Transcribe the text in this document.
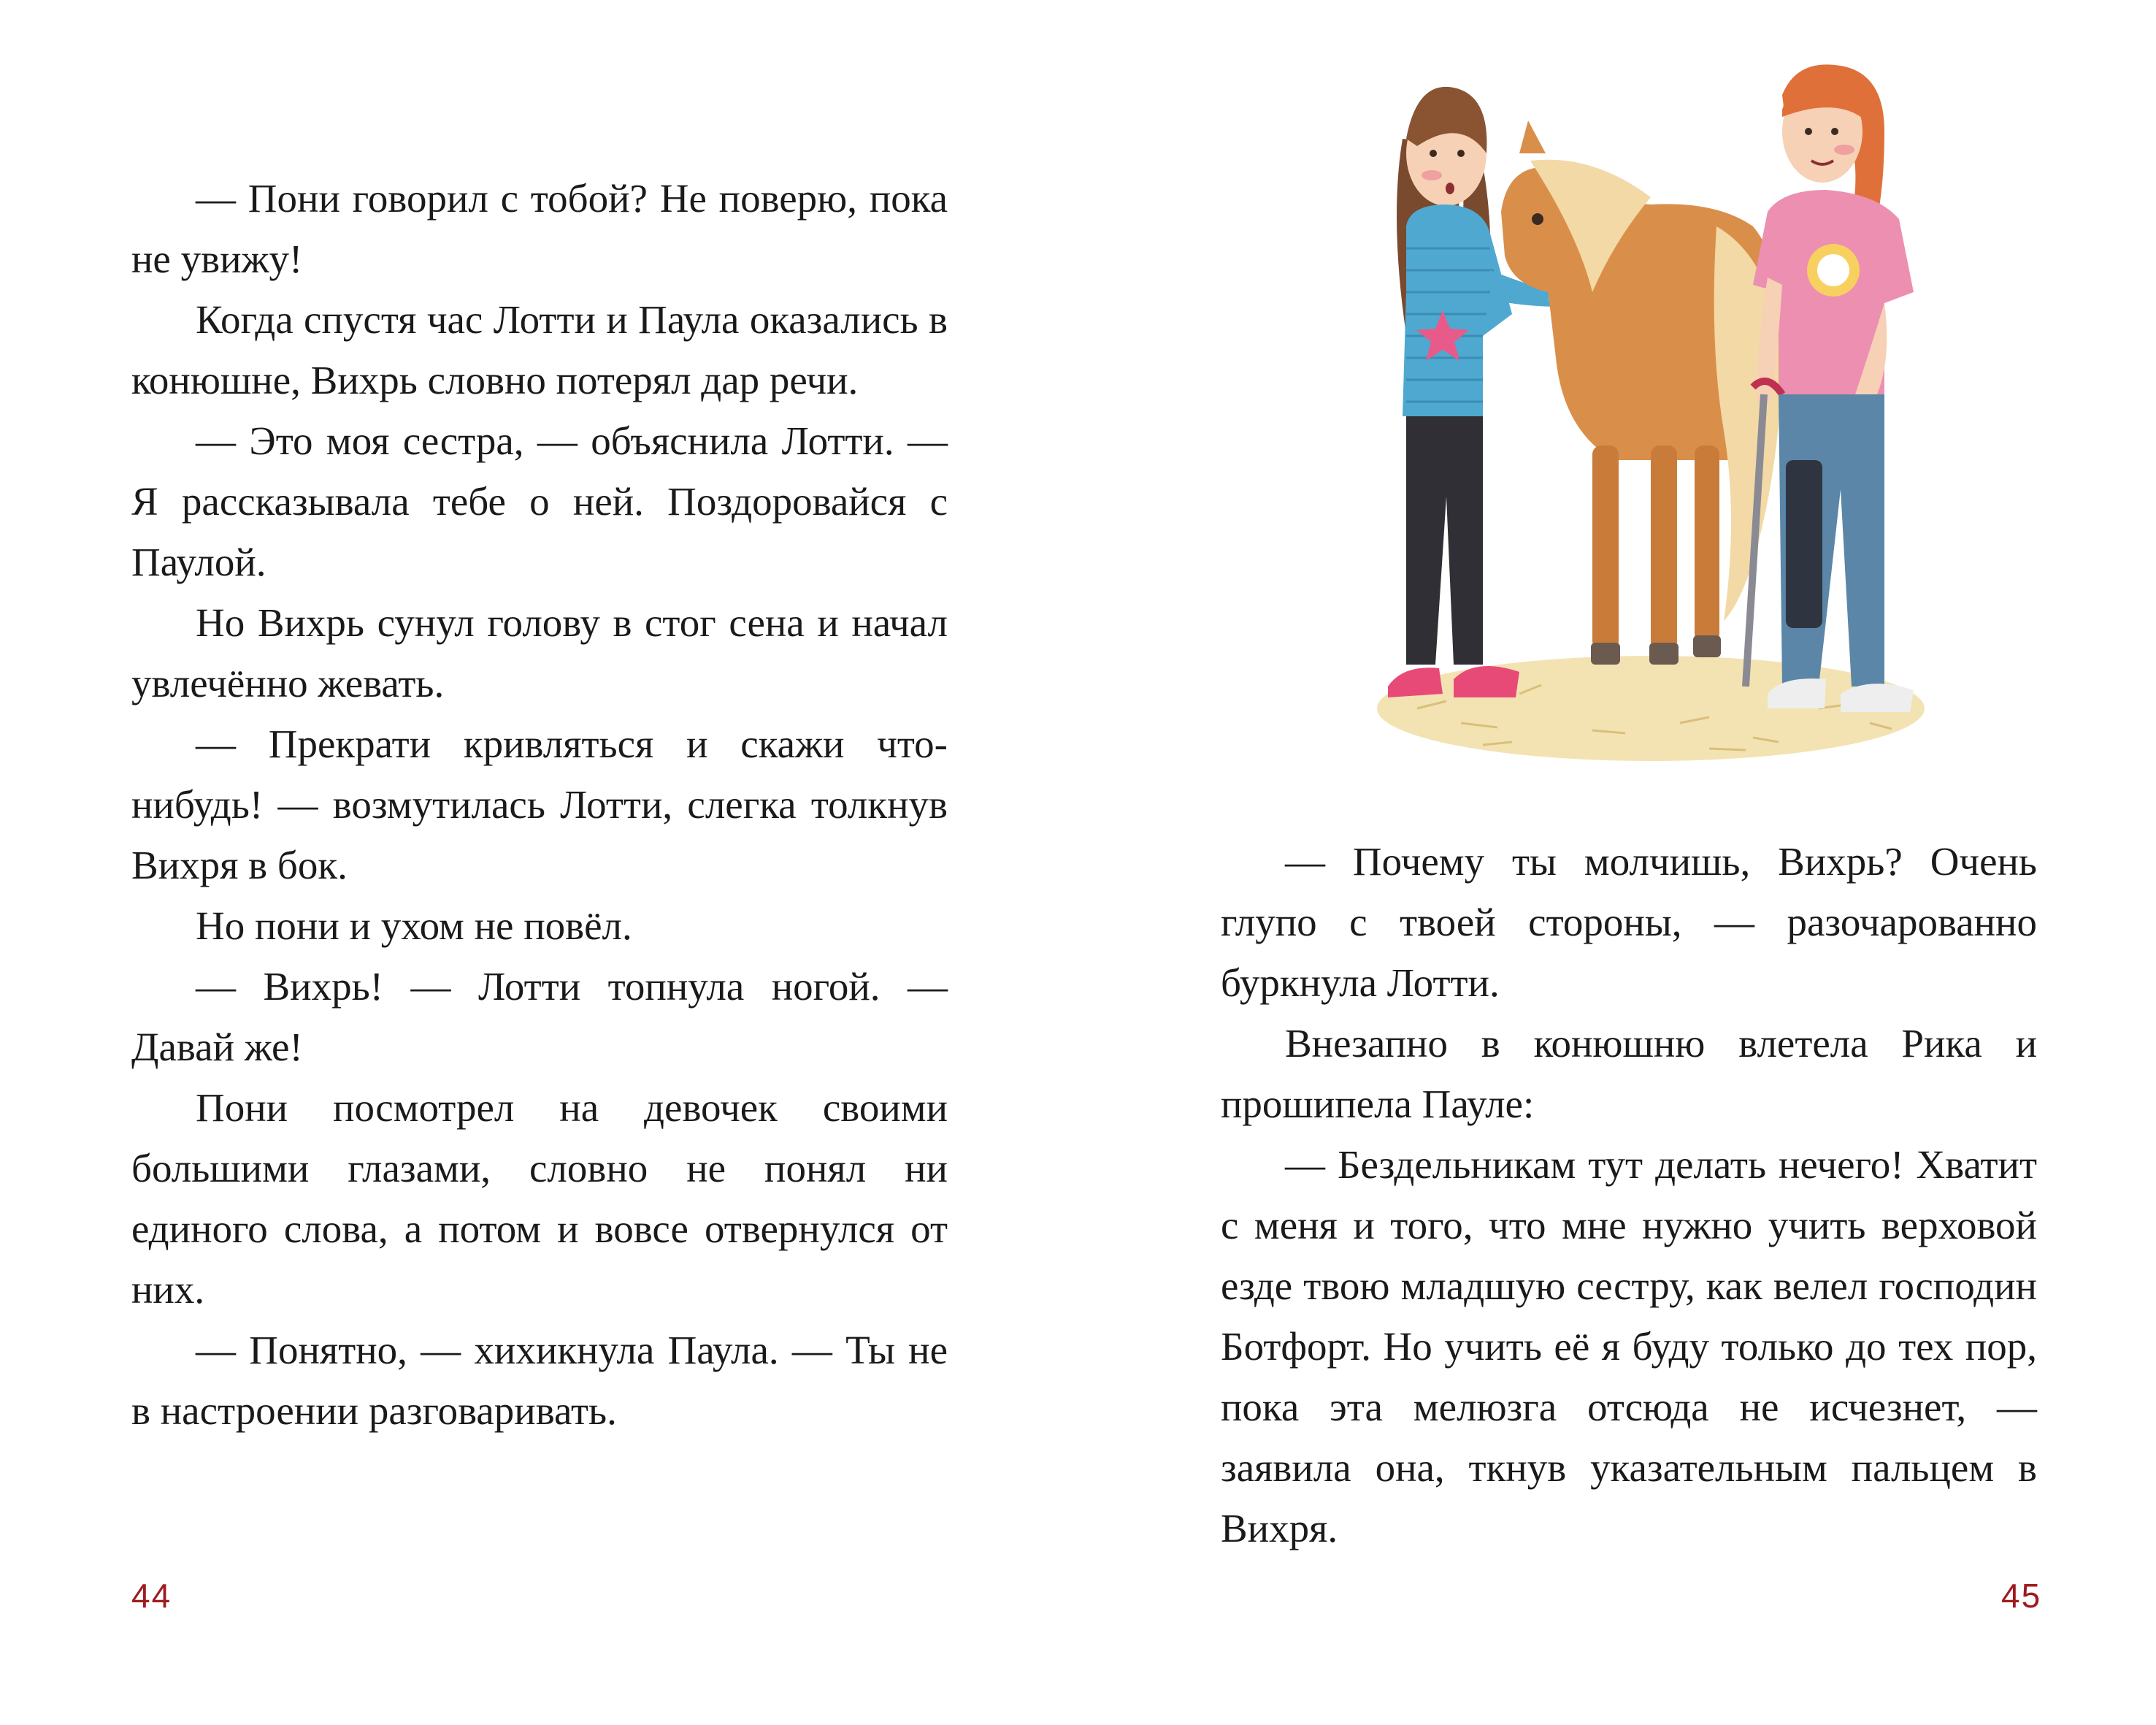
— Пони говорил с тобой? Не поверю, пока не увижу!

Когда спустя час Лотти и Паула оказались в конюшне, Вихрь словно потерял дар речи.

— Это моя сестра, — объяснила Лотти. — Я рассказывала тебе о ней. Поздоровайся с Паулой.

Но Вихрь сунул голову в стог сена и начал увлечённо жевать.

— Прекрати кривляться и скажи что-нибудь! — возмутилась Лотти, слегка толкнув Вихря в бок.

Но пони и ухом не повёл.

— Вихрь! — Лотти топнула ногой. — Давай же!

Пони посмотрел на девочек своими большими глазами, словно не понял ни единого слова, а потом и вовсе отвернулся от них.

— Понятно, — хихикнула Паула. — Ты не в настроении разговаривать.

44

— Почему ты молчишь, Вихрь? Очень глупо с твоей стороны, — разочарованно буркнула Лотти.

Внезапно в конюшню влетела Рика и прошипела Пауле:

— Бездельникам тут делать нечего! Хватит с меня и того, что мне нужно учить верховой езде твою младшую сестру, как велел господин Ботфорт. Но учить её я буду только до тех пор, пока эта мелюзга отсюда не исчезнет, — заявила она, ткнув указательным пальцем в Вихря.

45
